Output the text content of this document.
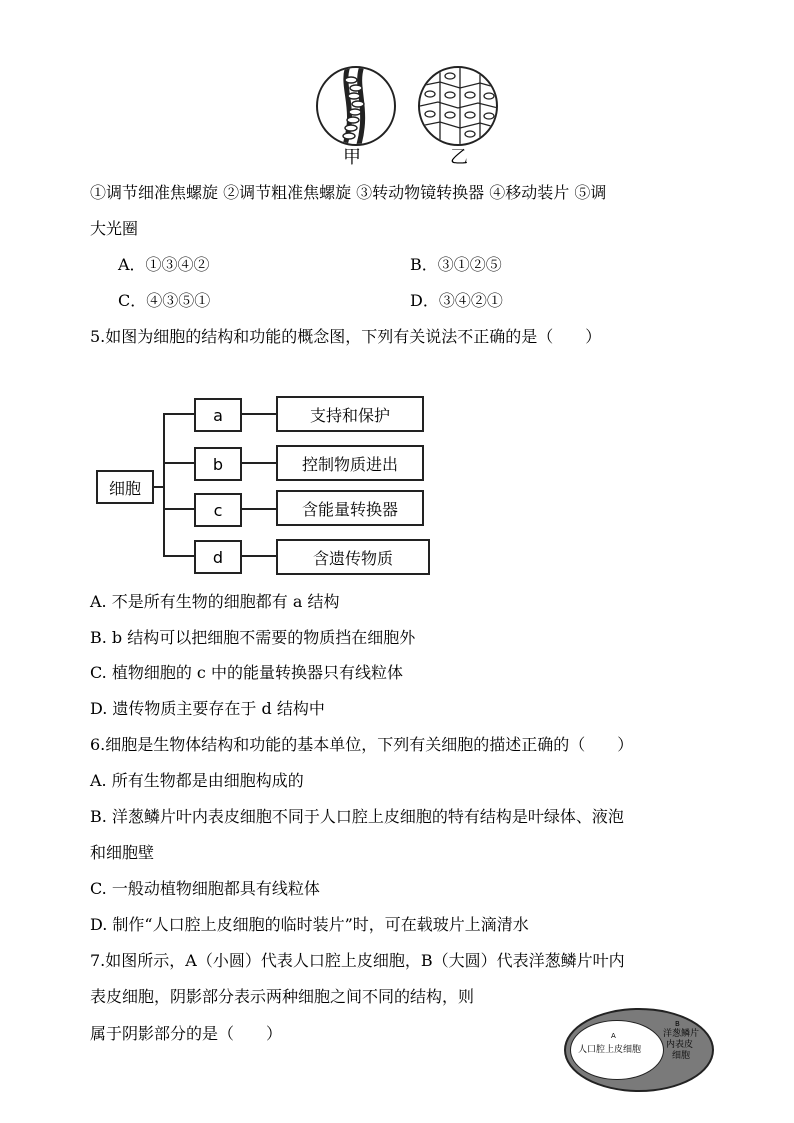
甲	乙
①调节细准焦螺旋 ②调节粗准焦螺旋 ③转动物镜转换器 ④移动装片 ⑤调
大光圈
A．①③④②	B．③①②⑤
C．④③⑤①	D．③④②①
5.如图为细胞的结构和功能的概念图，下列有关说法不正确的是（　　）
细胞
a	支持和保护
b	控制物质进出
c	含能量转换器
d	含遗传物质
A. 不是所有生物的细胞都有 a 结构
B. b 结构可以把细胞不需要的物质挡在细胞外
C. 植物细胞的 c 中的能量转换器只有线粒体
D. 遗传物质主要存在于 d 结构中
6.细胞是生物体结构和功能的基本单位，下列有关细胞的描述正确的（　　）
A. 所有生物都是由细胞构成的
B. 洋葱鳞片叶内表皮细胞不同于人口腔上皮细胞的特有结构是叶绿体、液泡
和细胞壁
C. 一般动植物细胞都具有线粒体
D. 制作“人口腔上皮细胞的临时装片”时，可在载玻片上滴清水
7.如图所示，A（小圆）代表人口腔上皮细胞，B（大圆）代表洋葱鳞片叶内
表皮细胞，阴影部分表示两种细胞之间不同的结构，则
属于阴影部分的是（　　）	A
人口腔上皮细胞
B
洋葱鳞片
内表皮
细胞
